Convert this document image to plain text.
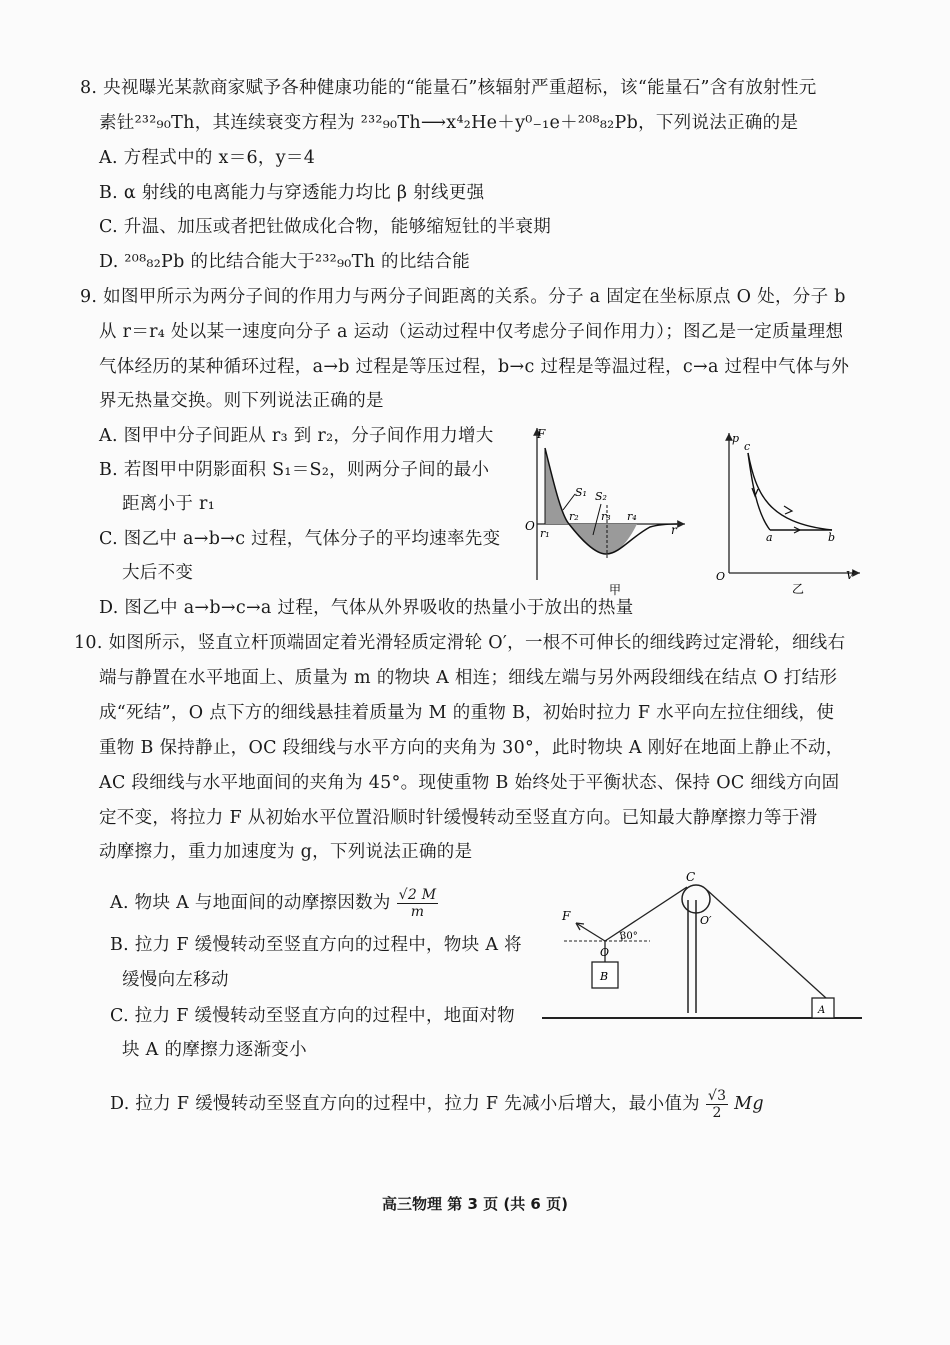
8. 央视曝光某款商家赋予各种健康功能的“能量石”核辐射严重超标，该“能量石”含有放射性元
素钍²³²₉₀Th，其连续衰变方程为 ²³²₉₀Th⟶x⁴₂He＋y⁰₋₁e＋²⁰⁸₈₂Pb，下列说法正确的是
A. 方程式中的 x＝6，y＝4
B. α 射线的电离能力与穿透能力均比 β 射线更强
C. 升温、加压或者把钍做成化合物，能够缩短钍的半衰期
D. ²⁰⁸₈₂Pb 的比结合能大于²³²₉₀Th 的比结合能
9. 如图甲所示为两分子间的作用力与两分子间距离的关系。分子 a 固定在坐标原点 O 处，分子 b
从 r＝r₄ 处以某一速度向分子 a 运动（运动过程中仅考虑分子间作用力）；图乙是一定质量理想
气体经历的某种循环过程，a→b 过程是等压过程，b→c 过程是等温过程，c→a 过程中气体与外
界无热量交换。则下列说法正确的是
A. 图甲中分子间距从 r₃ 到 r₂，分子间作用力增大
B. 若图甲中阴影面积 S₁＝S₂，则两分子间的最小
距离小于 r₁
C. 图乙中 a→b→c 过程，气体分子的平均速率先变
大后不变
D. 图乙中 a→b→c→a 过程，气体从外界吸收的热量小于放出的热量
F
O	r
r₁
r₂ r₃ r₄
S₁ S₂
甲
p
V
O
c
a	b
乙
10. 如图所示，竖直立杆顶端固定着光滑轻质定滑轮 O′，一根不可伸长的细线跨过定滑轮，细线右
端与静置在水平地面上、质量为 m 的物块 A 相连；细线左端与另外两段细线在结点 O 打结形
成“死结”，O 点下方的细线悬挂着质量为 M 的重物 B，初始时拉力 F 水平向左拉住细线，使
重物 B 保持静止，OC 段细线与水平方向的夹角为 30°，此时物块 A 刚好在地面上静止不动，
AC 段细线与水平地面间的夹角为 45°。现使重物 B 始终处于平衡状态、保持 OC 细线方向固
定不变，将拉力 F 从初始水平位置沿顺时针缓慢转动至竖直方向。已知最大静摩擦力等于滑
动摩擦力，重力加速度为 g，下列说法正确的是
A. 物块 A 与地面间的动摩擦因数为 $\frac{√2 M}{m}$
B. 拉力 F 缓慢转动至竖直方向的过程中，物块 A 将
缓慢向左移动
C. 拉力 F 缓慢转动至竖直方向的过程中，地面对物
块 A 的摩擦力逐渐变小
D. 拉力 F 缓慢转动至竖直方向的过程中，拉力 F 先减小后增大，最小值为 $\frac{√3}{2}$ Mg
F
O
C
O′
30°
B
A
高三物理 第 3 页 (共 6 页)
